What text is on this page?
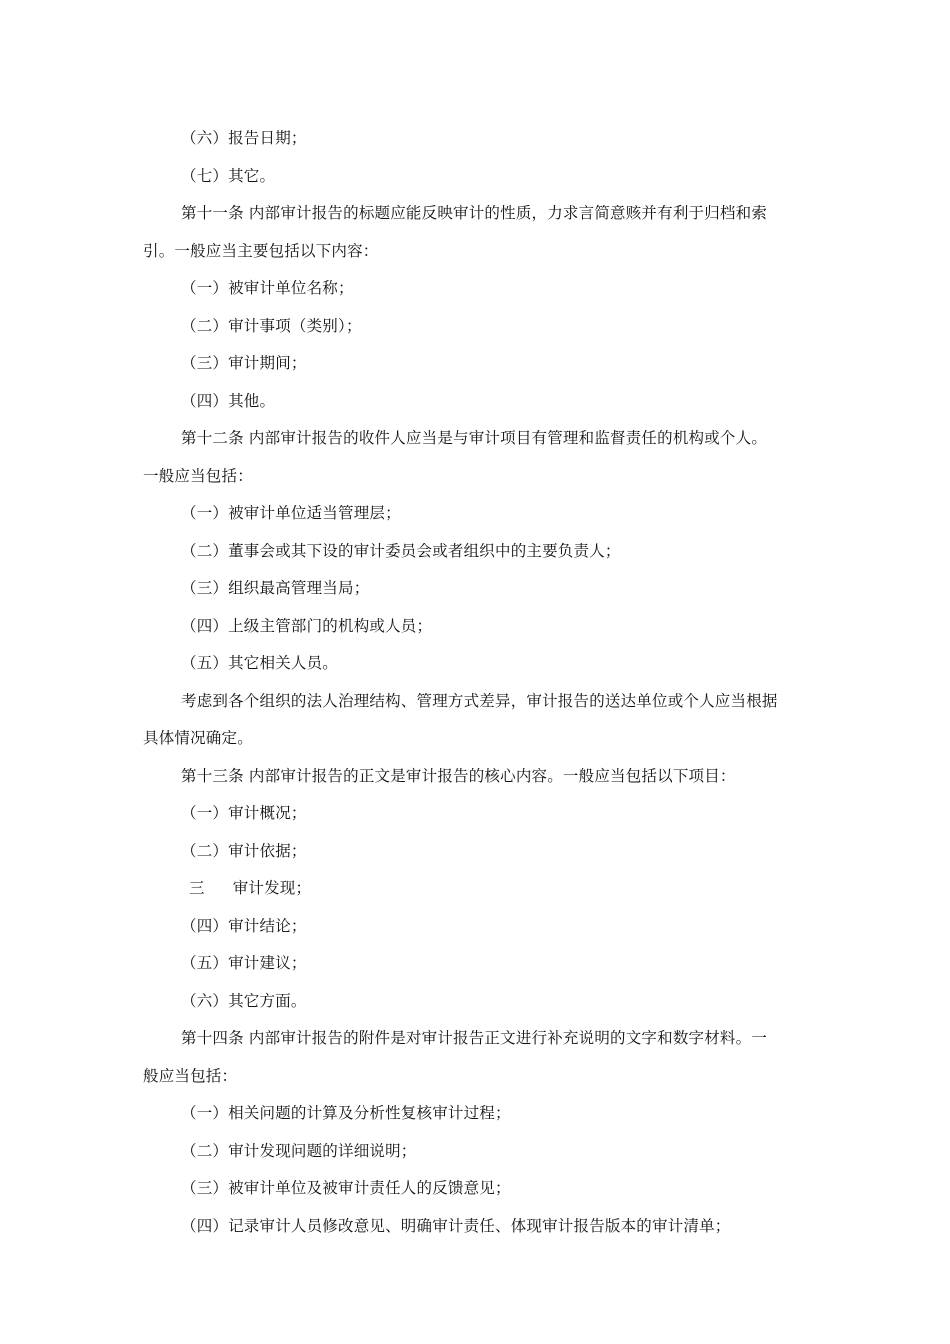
（六）报告日期；
（七）其它。
第十一条 内部审计报告的标题应能反映审计的性质，力求言简意赅并有利于归档和索
引。一般应当主要包括以下内容：
（一）被审计单位名称；
（二）审计事项（类别）；
（三）审计期间；
（四）其他。
第十二条 内部审计报告的收件人应当是与审计项目有管理和监督责任的机构或个人。
一般应当包括：
（一）被审计单位适当管理层；
（二）董事会或其下设的审计委员会或者组织中的主要负责人；
（三）组织最高管理当局；
（四）上级主管部门的机构或人员；
（五）其它相关人员。
考虑到各个组织的法人治理结构、管理方式差异，审计报告的送达单位或个人应当根据
具体情况确定。
第十三条 内部审计报告的正文是审计报告的核心内容。一般应当包括以下项目：
（一）审计概况；
（二）审计依据；
三 审计发现；
（四）审计结论；
（五）审计建议；
（六）其它方面。
第十四条 内部审计报告的附件是对审计报告正文进行补充说明的文字和数字材料。一
般应当包括：
（一）相关问题的计算及分析性复核审计过程；
（二）审计发现问题的详细说明；
（三）被审计单位及被审计责任人的反馈意见；
（四）记录审计人员修改意见、明确审计责任、体现审计报告版本的审计清单；
